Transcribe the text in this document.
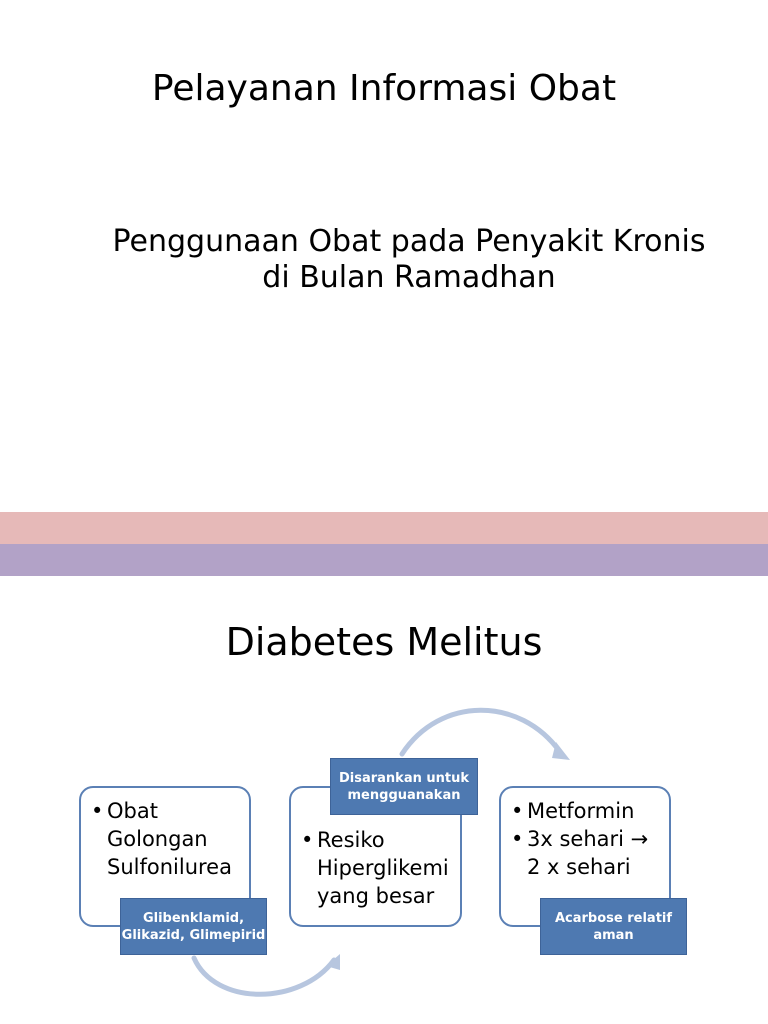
Pelayanan Informasi Obat
Penggunaan Obat pada Penyakit Kronis
di Bulan Ramadhan
Diabetes Melitus
• Obat Golongan Sulfonilurea
Glibenklamid, Glikazid, Glimepirid
• Resiko Hiperglikemi yang besar
Disarankan untuk mengguanakan
• Metformin
• 3x sehari → 2 x sehari
Acarbose relatif aman
